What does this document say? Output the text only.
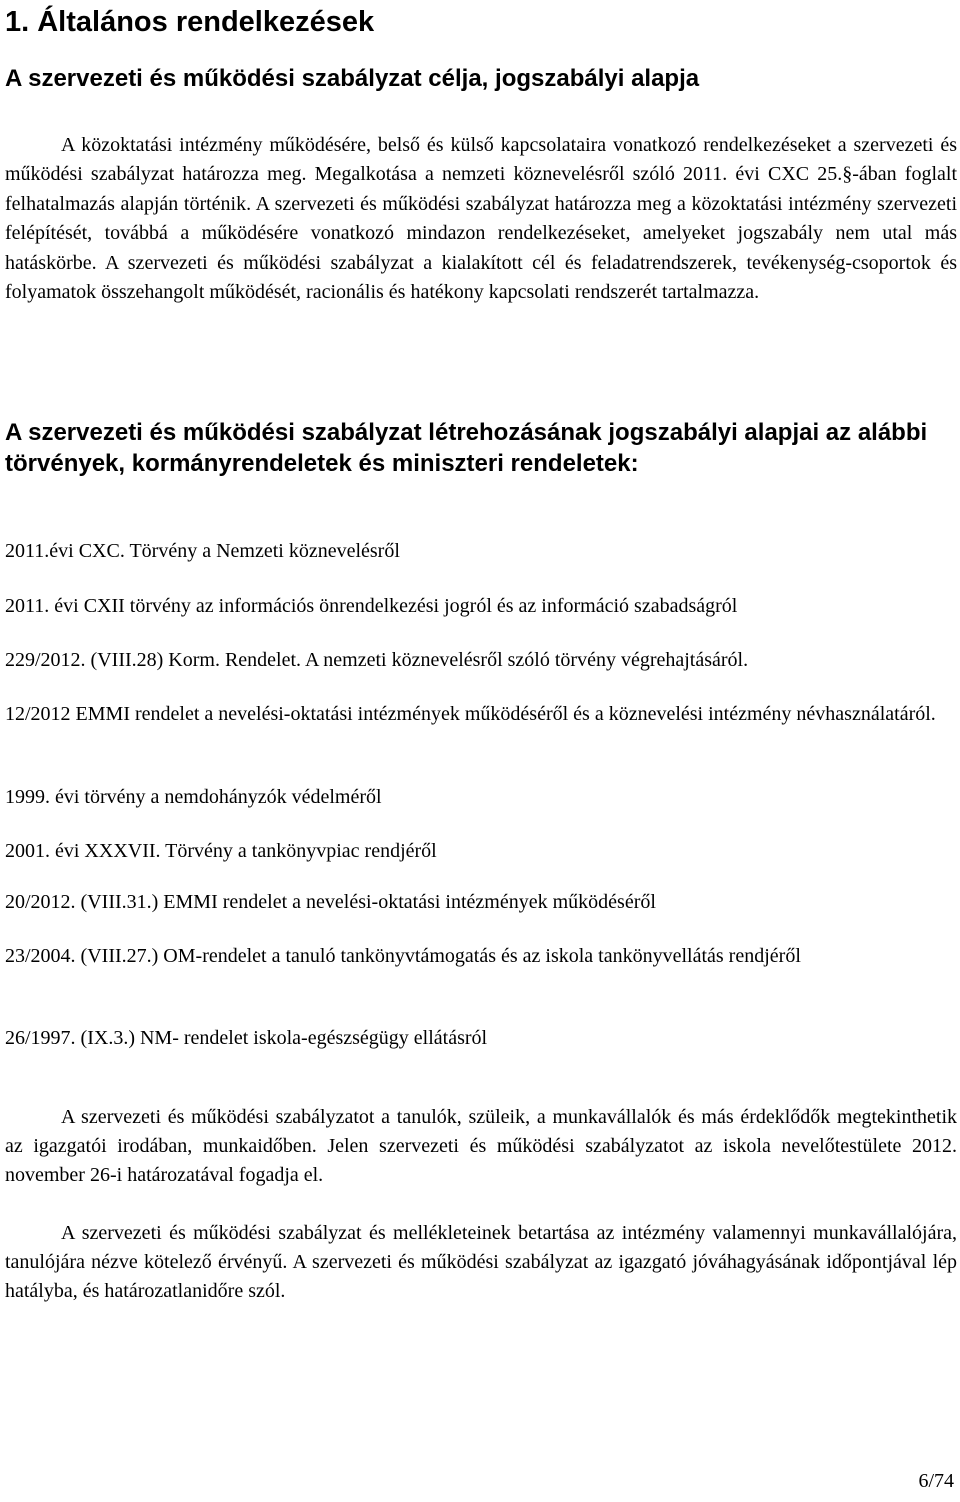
1. Általános rendelkezések
A szervezeti és működési szabályzat célja, jogszabályi alapja

A közoktatási intézmény működésére, belső és külső kapcsolataira vonatkozó rendelkezéseket a szervezeti és működési szabályzat határozza meg. Megalkotása a nemzeti köznevelésről szóló 2011. évi CXC 25.§-ában foglalt felhatalmazás alapján történik. A szervezeti és működési szabályzat határozza meg a közoktatási intézmény szervezeti felépítését, továbbá a működésére vonatkozó mindazon rendelkezéseket, amelyeket jogszabály nem utal más hatáskörbe. A szervezeti és működési szabályzat a kialakított cél és feladatrendszerek, tevékenység-csoportok és folyamatok összehangolt működését, racionális és hatékony kapcsolati rendszerét tartalmazza.

A szervezeti és működési szabályzat létrehozásának jogszabályi alapjai az alábbi törvények, kormányrendeletek és miniszteri rendeletek:

2011.évi CXC. Törvény a Nemzeti köznevelésről

2011. évi CXII törvény az információs önrendelkezési jogról és az információ szabadságról

229/2012. (VIII.28) Korm. Rendelet. A nemzeti köznevelésről szóló törvény végrehajtásáról.

12/2012 EMMI rendelet a nevelési-oktatási intézmények működéséről és a köznevelési intézmény névhasználatáról.

1999. évi törvény a nemdohányzók védelméről

2001. évi XXXVII. Törvény a tankönyvpiac rendjéről

20/2012. (VIII.31.) EMMI rendelet a nevelési-oktatási intézmények működéséről

23/2004. (VIII.27.) OM-rendelet a tanuló tankönyvtámogatás és az iskola tankönyvellátás rendjéről

26/1997. (IX.3.) NM- rendelet iskola-egészségügy ellátásról

A szervezeti és működési szabályzatot a tanulók, szüleik, a munkavállalók és más érdeklődők megtekinthetik az igazgatói irodában, munkaidőben. Jelen szervezeti és működési szabályzatot az iskola nevelőtestülete 2012. november 26-i határozatával fogadja el.

A szervezeti és működési szabályzat és mellékleteinek betartása az intézmény valamennyi munkavállalójára, tanulójára nézve kötelező érvényű. A szervezeti és működési szabályzat az igazgató jóváhagyásának időpontjával lép hatályba, és határozatlanidőre szól.

6/74
